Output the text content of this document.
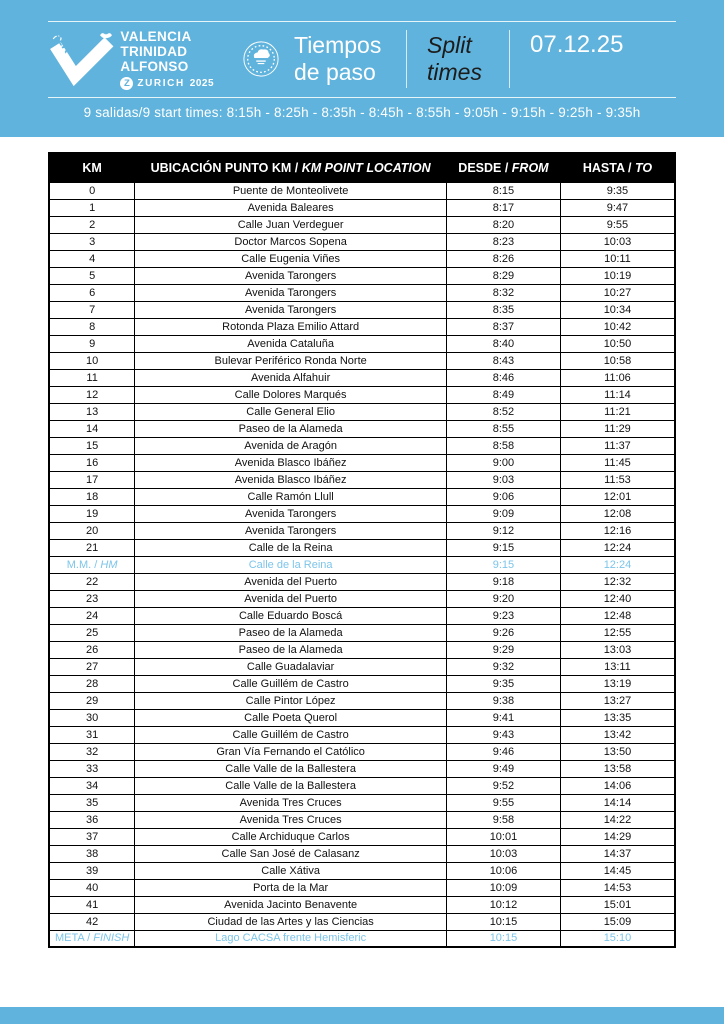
42K	VALENCIA
TRINIDAD ALFONSO
Z ZURICH 2025
Tiempos
de paso
Split
times
07.12.25
9 salidas/9 start times: 8:15h - 8:25h - 8:35h - 8:45h - 8:55h - 9:05h - 9:15h - 9:25h - 9:35h
KM	UBICACIÓN PUNTO KM / KM POINT LOCATION	DESDE / FROM	HASTA / TO
0	Puente de Monteolivete	8:15	9:35
1	Avenida Baleares	8:17	9:47
2	Calle Juan Verdeguer	8:20	9:55
3	Doctor Marcos Sopena	8:23	10:03
4	Calle Eugenia Viñes	8:26	10:11
5	Avenida Tarongers	8:29	10:19
6	Avenida Tarongers	8:32	10:27
7	Avenida Tarongers	8:35	10:34
8	Rotonda Plaza Emilio Attard	8:37	10:42
9	Avenida Cataluña	8:40	10:50
10	Bulevar Periférico Ronda Norte	8:43	10:58
11	Avenida Alfahuir	8:46	11:06
12	Calle Dolores Marqués	8:49	11:14
13	Calle General Elio	8:52	11:21
14	Paseo de la Alameda	8:55	11:29
15	Avenida de Aragón	8:58	11:37
16	Avenida Blasco Ibáñez	9:00	11:45
17	Avenida Blasco Ibáñez	9:03	11:53
18	Calle Ramón Llull	9:06	12:01
19	Avenida Tarongers	9:09	12:08
20	Avenida Tarongers	9:12	12:16
21	Calle de la Reina	9:15	12:24
M.M. / HM	Calle de la Reina	9:15	12:24
22	Avenida del Puerto	9:18	12:32
23	Avenida del Puerto	9:20	12:40
24	Calle Eduardo Boscá	9:23	12:48
25	Paseo de la Alameda	9:26	12:55
26	Paseo de la Alameda	9:29	13:03
27	Calle Guadalaviar	9:32	13:11
28	Calle Guillém de Castro	9:35	13:19
29	Calle Pintor López	9:38	13:27
30	Calle Poeta Querol	9:41	13:35
31	Calle Guillém de Castro	9:43	13:42
32	Gran Vía Fernando el Católico	9:46	13:50
33	Calle Valle de la Ballestera	9:49	13:58
34	Calle Valle de la Ballestera	9:52	14:06
35	Avenida Tres Cruces	9:55	14:14
36	Avenida Tres Cruces	9:58	14:22
37	Calle Archiduque Carlos	10:01	14:29
38	Calle San José de Calasanz	10:03	14:37
39	Calle Xátiva	10:06	14:45
40	Porta de la Mar	10:09	14:53
41	Avenida Jacinto Benavente	10:12	15:01
42	Ciudad de las Artes y las Ciencias	10:15	15:09
META / FINISH	Lago CACSA frente Hemisferic	10:15	15:10
